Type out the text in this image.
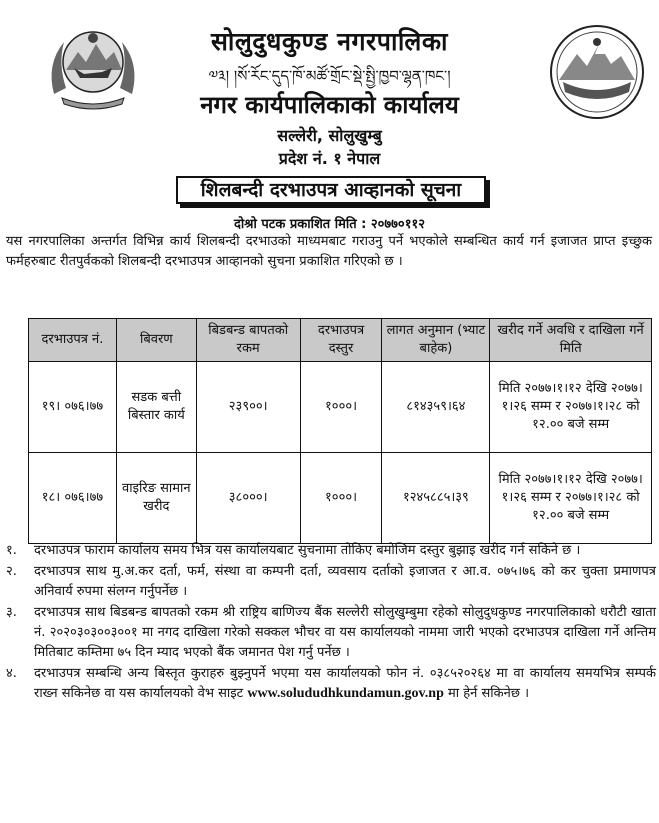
सोलुदुधकुण्ड नगरपालिका
༧༣། །སོ་རོང་དུད་ཁོ་མཚོ་གྲོང་སྡེ་སྤྱི་ཁྱབ་ལྷན་ཁང་།
नगर कार्यपालिकाको कार्यालय
सल्लेरी, सोलुखुम्बु
प्रदेश नं. १ नेपाल
शिलबन्दी दरभाउपत्र आव्हानको सूचना
दोश्रो पटक प्रकाशित मिति : २०७७०११२
यस नगरपालिका अन्तर्गत विभिन्न कार्य शिलबन्दी दरभाउको माध्यमबाट गराउनु पर्ने भएकोले सम्बन्धित कार्य गर्न इजाजत प्राप्त इच्छुक फर्महरुबाट रीतपुर्वकको शिलबन्दी दरभाउपत्र आव्हानको सुचना प्रकाशित गरिएको छ ।
दरभाउपत्र नं.	बिवरण	बिडबन्ड बापतको रकम	दरभाउपत्र दस्तुर	लागत अनुमान (भ्याट बाहेक)	खरीद गर्ने अवधि र दाखिला गर्ने मिति
१९। ०७६।७७	सडक बत्ती बिस्तार कार्य	२३९००।	१०००।	८१४३५९।६४	मिति २०७७।१।१२ देखि २०७७।१।२६ सम्म र २०७७।१।२८ को १२.०० बजे सम्म
१८। ०७६।७७	वाइरिङ सामान खरीद	३८०००।	१०००।	१२४५८८५।३९	मिति २०७७।१।१२ देखि २०७७।१।२६ सम्म र २०७७।१।२८ को १२.०० बजे सम्म
१.	दरभाउपत्र फाराम कार्यालय समय भित्र यस कार्यालयबाट सुचनामा तोकिए बमोजिम दस्तुर बुझाइ खरीद गर्न सकिने छ ।
२.	दरभाउपत्र साथ मु.अ.कर दर्ता, फर्म, संस्था वा कम्पनी दर्ता, व्यवसाय दर्ताको इजाजत र आ.व. ०७५।७६ को कर चुक्ता प्रमाणपत्र अनिवार्य रुपमा संलग्न गर्नुपर्नेछ ।
३.	दरभाउपत्र साथ बिडबन्ड बापतको रकम श्री राष्ट्रिय बाणिज्य बैंक सल्लेरी सोलुखुम्बुमा रहेको सोलुदुधकुण्ड नगरपालिकाको धरौटी खाता नं. २०२०३०३००३००१ मा नगद दाखिला गरेको सक्कल भौचर वा यस कार्यालयको नाममा जारी भएको दरभाउपत्र दाखिला गर्ने अन्तिम मितिबाट कम्तिमा ७५ दिन म्याद भएको बैंक जमानत पेश गर्नु पर्नेछ ।
४.	दरभाउपत्र सम्बन्धि अन्य बिस्तृत कुराहरु बुझ्नुपर्ने भएमा यस कार्यालयको फोन नं. ०३८५२०२६४ मा वा कार्यालय समयभित्र सम्पर्क राख्न सकिनेछ वा यस कार्यालयको वेभ साइट www.solududhkundamun.gov.np मा हेर्न सकिनेछ ।
